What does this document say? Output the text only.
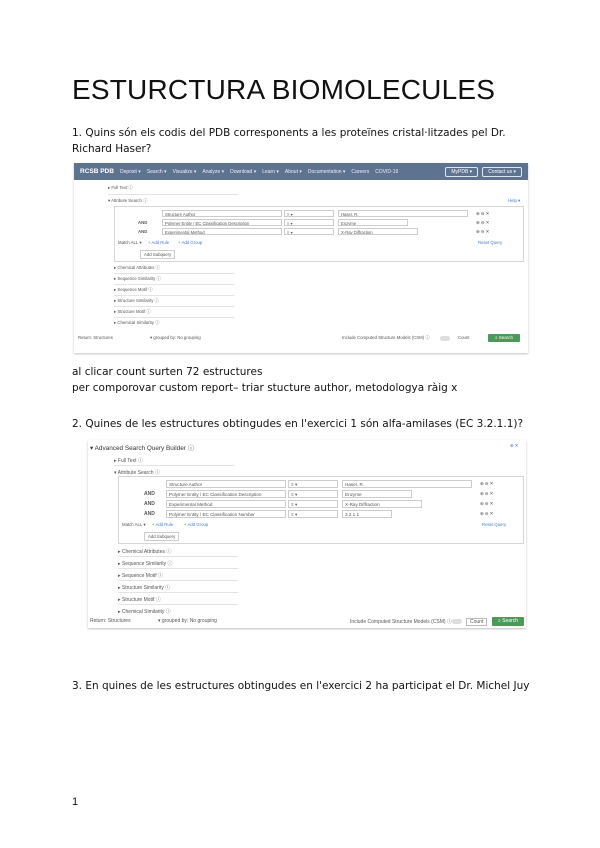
ESTURCTURA BIOMOLECULES
1. Quins són els codis del PDB corresponents a les proteïnes cristal·litzades pel Dr. Richard Haser?
RCSB PDB Deposit ▾ Search ▾ Visualize ▾ Analyze ▾ Download ▾ Learn ▾ About ▾ Documentation ▾ Careers COVID-19	MyPDB ▾	Contact us ▾
▸ Full Text ⓘ
▾ Attribute Search ⓘ	Help ▾
Structure Author	≡ ▾	Haser, R.	⊕ ⊖ ✕
AND	Polymer Entity / EC Classification Description	≡ ▾	Enzyme	⊕ ⊖ ✕
AND	Experimental Method	≡ ▾	X-Ray Diffraction	⊕ ⊖ ✕
Match ALL ▾ + Add Rule + Add Group	Reset Query
Add Subquery
▸ Chemical Attributes ⓘ
▸ Sequence Similarity ⓘ
▸ Sequence Motif ⓘ
▸ Structure Similarity ⓘ
▸ Structure Motif ⓘ
▸ Chemical Similarity ⓘ
Return: Structures	▾ grouped by: No grouping	Include Computed Structure Models (CSM) ⓘ	Count	⌕ Search
al clicar count surten 72 estructures
per comporovar custom report– triar stucture author, metodologya ràig x
2. Quines de les estructures obtingudes en l'exercici 1 són alfa-amilases (EC 3.2.1.1)?
▾ Advanced Search Query Builder ⓘ	⊕ ✕
▸ Full Text ⓘ
▾ Attribute Search ⓘ
Structure Author	≡ ▾	Haser, R.	⊕ ⊖ ✕
AND	Polymer Entity / EC Classification Description	≡ ▾	Enzyme	⊕ ⊖ ✕
AND	Experimental Method	≡ ▾	X-Ray Diffraction	⊕ ⊖ ✕
AND	Polymer Entity / EC Classification Number	≡ ▾	3.2.1.1	⊕ ⊖ ✕
Match ALL ▾ + Add Rule	+ Add Group	Reset Query
Add Subquery
▸ Chemical Attributes ⓘ
▸ Sequence Similarity ⓘ
▸ Sequence Motif ⓘ
▸ Structure Similarity ⓘ
▸ Structure Motif ⓘ
▸ Chemical Similarity ⓘ
Return: Structures	▾ grouped by: No grouping	Include Computed Structure Models (CSM) ⓘ	Count	⌕ Search
3. En quines de les estructures obtingudes en l'exercici 2 ha participat el Dr. Michel Juy
1
